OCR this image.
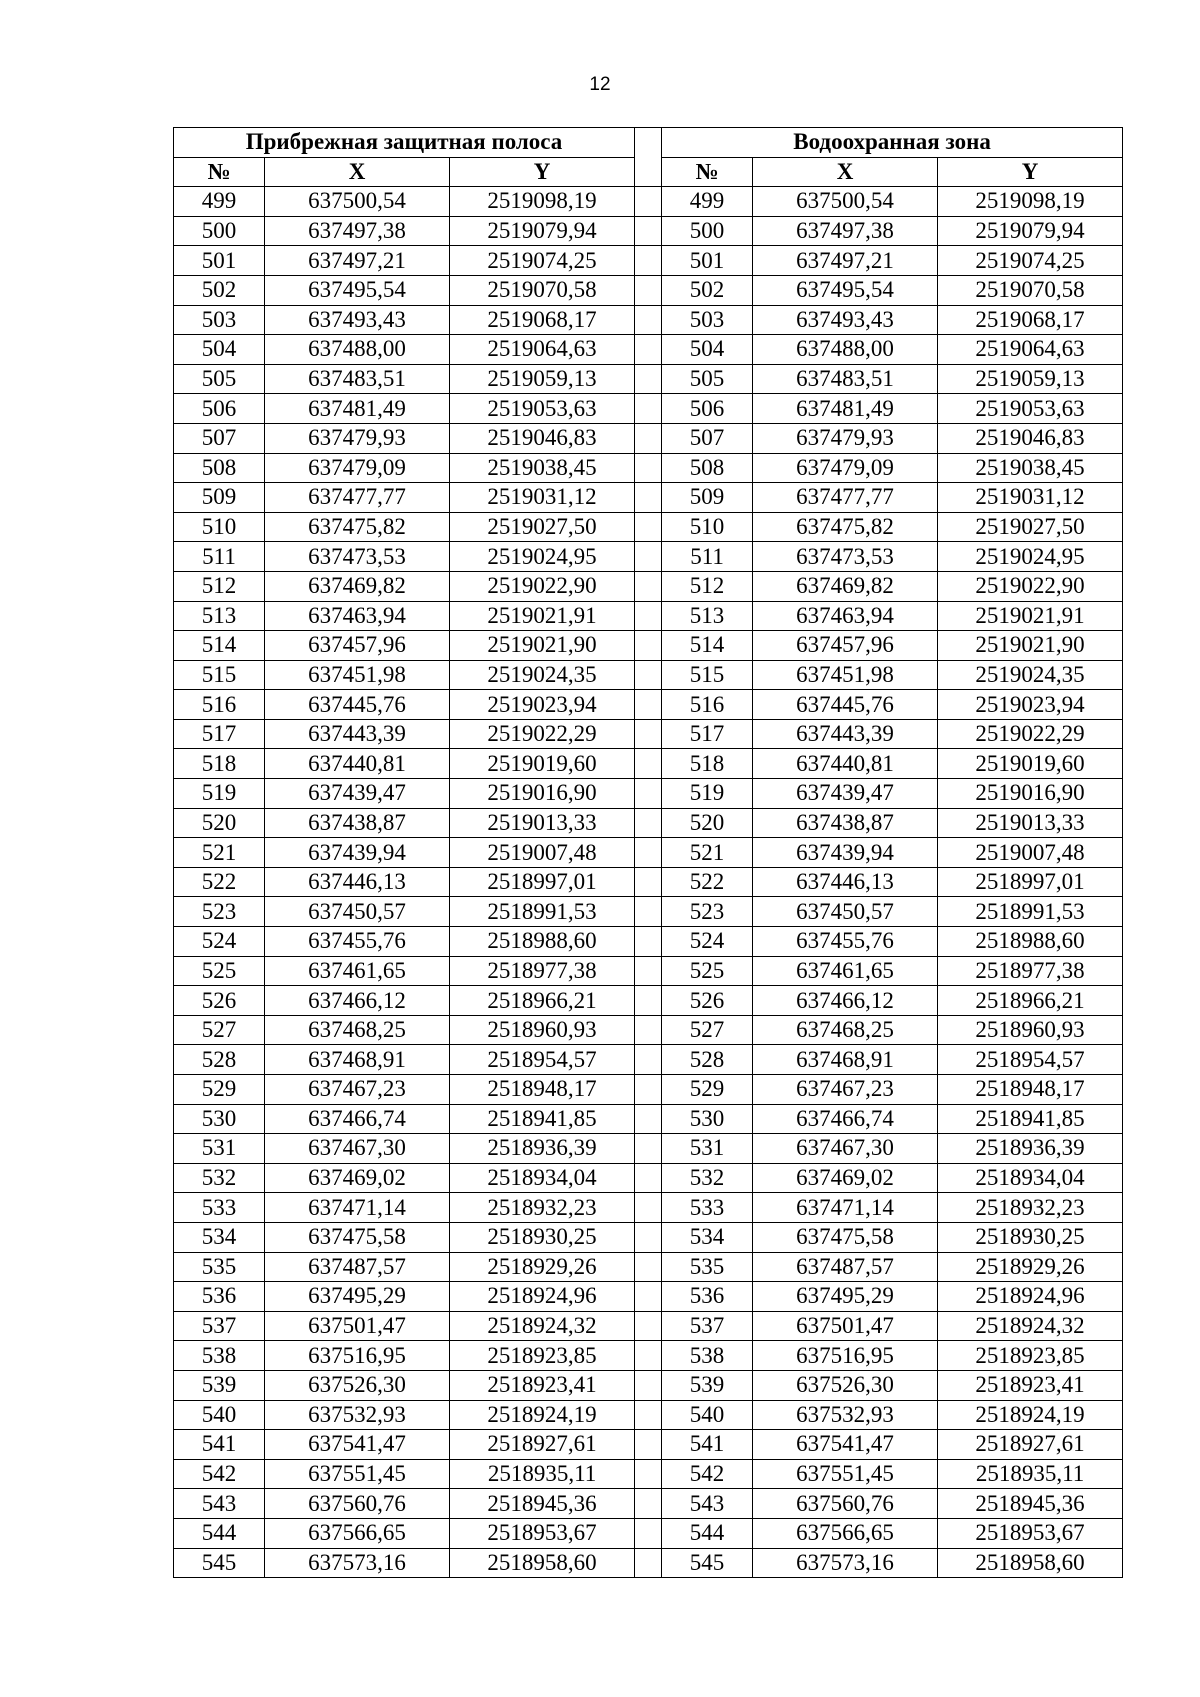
12
Прибрежная защитная полоса				Водоохранная зона		
№	X	Y		№	X	Y
499	637500,54	2519098,19		499	637500,54	2519098,19
500	637497,38	2519079,94		500	637497,38	2519079,94
501	637497,21	2519074,25		501	637497,21	2519074,25
502	637495,54	2519070,58		502	637495,54	2519070,58
503	637493,43	2519068,17		503	637493,43	2519068,17
504	637488,00	2519064,63		504	637488,00	2519064,63
505	637483,51	2519059,13		505	637483,51	2519059,13
506	637481,49	2519053,63		506	637481,49	2519053,63
507	637479,93	2519046,83		507	637479,93	2519046,83
508	637479,09	2519038,45		508	637479,09	2519038,45
509	637477,77	2519031,12		509	637477,77	2519031,12
510	637475,82	2519027,50		510	637475,82	2519027,50
511	637473,53	2519024,95		511	637473,53	2519024,95
512	637469,82	2519022,90		512	637469,82	2519022,90
513	637463,94	2519021,91		513	637463,94	2519021,91
514	637457,96	2519021,90		514	637457,96	2519021,90
515	637451,98	2519024,35		515	637451,98	2519024,35
516	637445,76	2519023,94		516	637445,76	2519023,94
517	637443,39	2519022,29		517	637443,39	2519022,29
518	637440,81	2519019,60		518	637440,81	2519019,60
519	637439,47	2519016,90		519	637439,47	2519016,90
520	637438,87	2519013,33		520	637438,87	2519013,33
521	637439,94	2519007,48		521	637439,94	2519007,48
522	637446,13	2518997,01		522	637446,13	2518997,01
523	637450,57	2518991,53		523	637450,57	2518991,53
524	637455,76	2518988,60		524	637455,76	2518988,60
525	637461,65	2518977,38		525	637461,65	2518977,38
526	637466,12	2518966,21		526	637466,12	2518966,21
527	637468,25	2518960,93		527	637468,25	2518960,93
528	637468,91	2518954,57		528	637468,91	2518954,57
529	637467,23	2518948,17		529	637467,23	2518948,17
530	637466,74	2518941,85		530	637466,74	2518941,85
531	637467,30	2518936,39		531	637467,30	2518936,39
532	637469,02	2518934,04		532	637469,02	2518934,04
533	637471,14	2518932,23		533	637471,14	2518932,23
534	637475,58	2518930,25		534	637475,58	2518930,25
535	637487,57	2518929,26		535	637487,57	2518929,26
536	637495,29	2518924,96		536	637495,29	2518924,96
537	637501,47	2518924,32		537	637501,47	2518924,32
538	637516,95	2518923,85		538	637516,95	2518923,85
539	637526,30	2518923,41		539	637526,30	2518923,41
540	637532,93	2518924,19		540	637532,93	2518924,19
541	637541,47	2518927,61		541	637541,47	2518927,61
542	637551,45	2518935,11		542	637551,45	2518935,11
543	637560,76	2518945,36		543	637560,76	2518945,36
544	637566,65	2518953,67		544	637566,65	2518953,67
545	637573,16	2518958,60		545	637573,16	2518958,60
